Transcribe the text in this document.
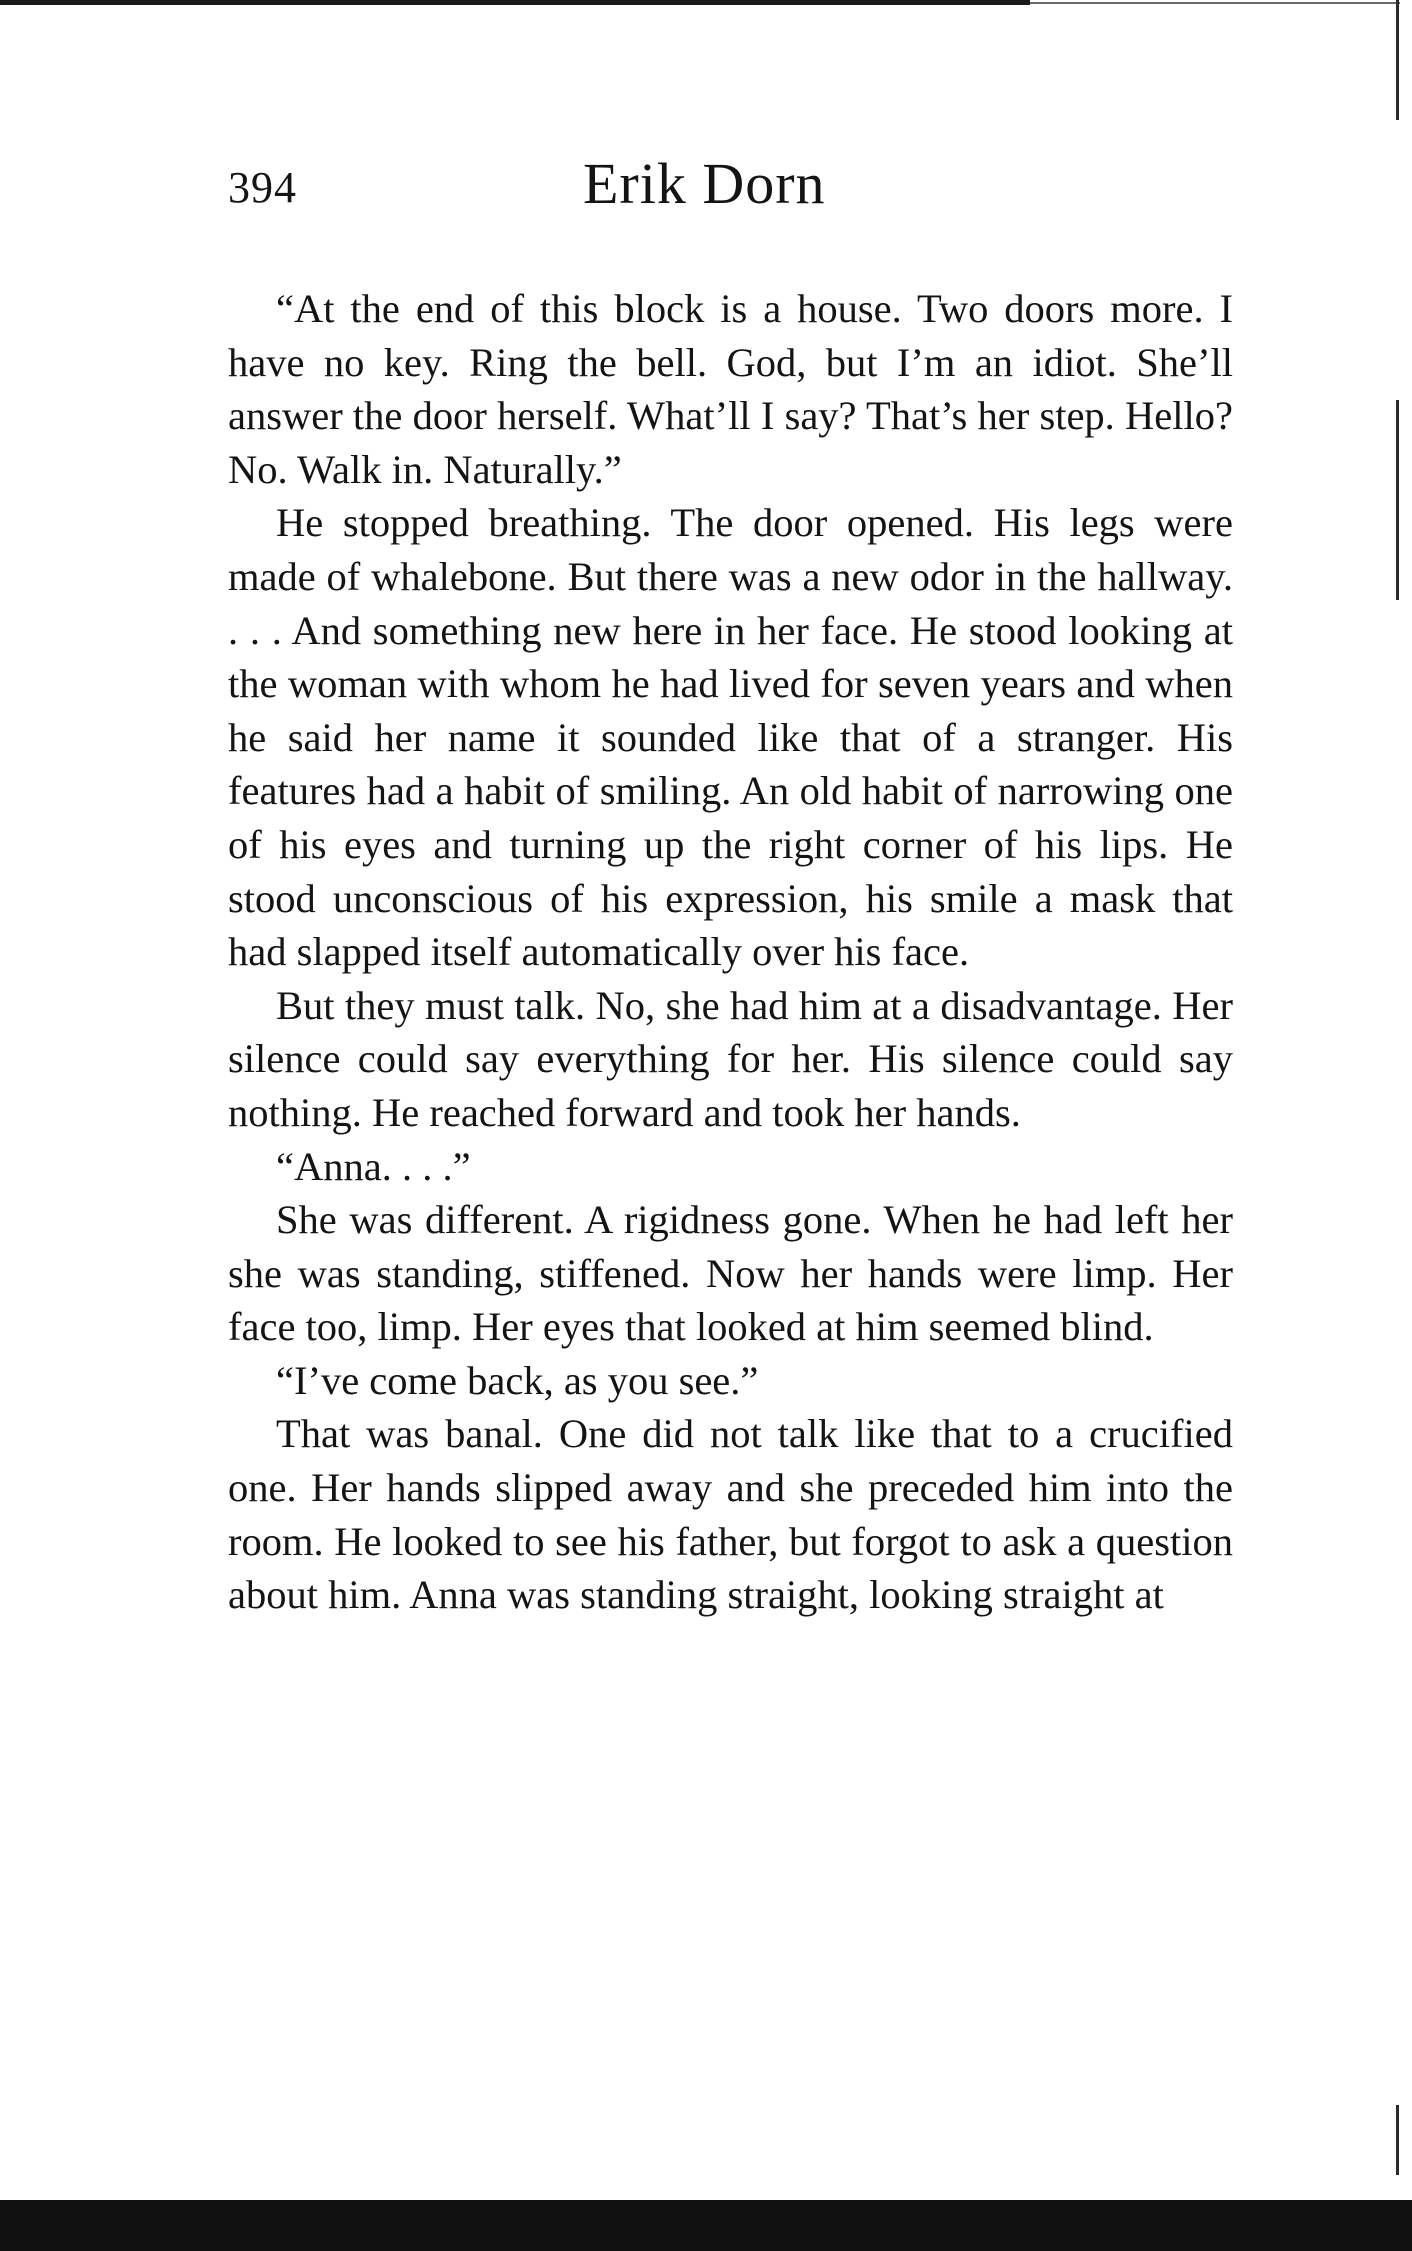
394	Erik Dorn

“At the end of this block is a house. Two doors more. I have no key. Ring the bell. God, but I’m an idiot. She’ll answer the door herself. What’ll I say? That’s her step. Hello? No. Walk in. Naturally.”

He stopped breathing. The door opened. His legs were made of whalebone. But there was a new odor in the hallway. . . . And something new here in her face. He stood looking at the woman with whom he had lived for seven years and when he said her name it sounded like that of a stranger. His features had a habit of smiling. An old habit of narrowing one of his eyes and turning up the right corner of his lips. He stood unconscious of his expression, his smile a mask that had slapped itself automatically over his face.

But they must talk. No, she had him at a disadvantage. Her silence could say everything for her. His silence could say nothing. He reached forward and took her hands.

“Anna. . . .”

She was different. A rigidness gone. When he had left her she was standing, stiffened. Now her hands were limp. Her face too, limp. Her eyes that looked at him seemed blind.

“I’ve come back, as you see.”

That was banal. One did not talk like that to a crucified one. Her hands slipped away and she preceded him into the room. He looked to see his father, but forgot to ask a question about him. Anna was standing straight, looking straight at
